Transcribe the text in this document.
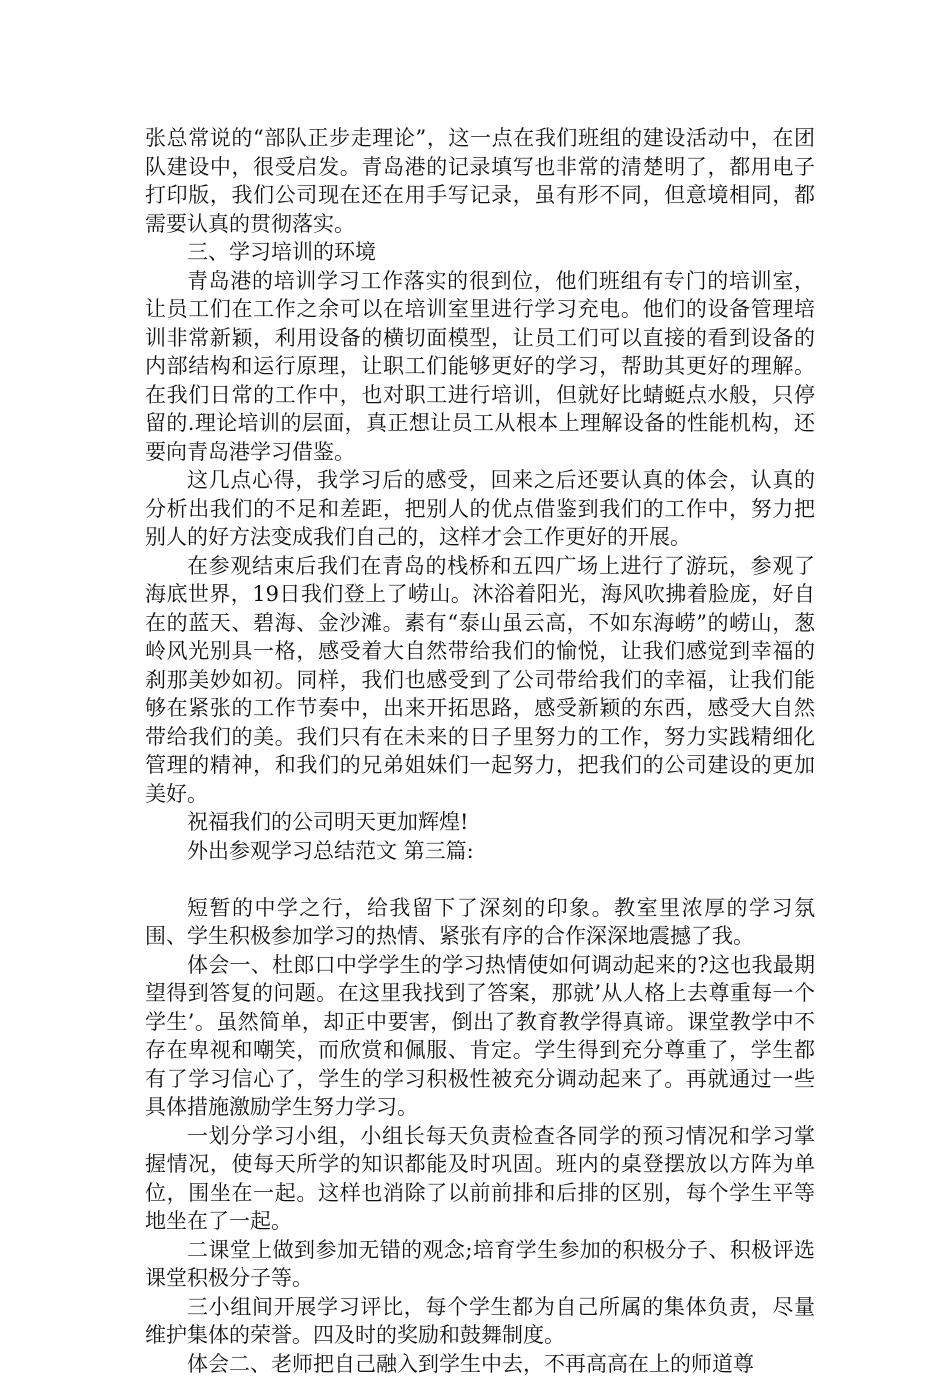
张总常说的“部队正步走理论”，这一点在我们班组的建设活动中，在团队建设中，很受启发。青岛港的记录填写也非常的清楚明了，都用电子打印版，我们公司现在还在用手写记录，虽有形不同，但意境相同，都需要认真的贯彻落实。

三、学习培训的环境

青岛港的培训学习工作落实的很到位，他们班组有专门的培训室，让员工们在工作之余可以在培训室里进行学习充电。他们的设备管理培训非常新颖，利用设备的横切面模型，让员工们可以直接的看到设备的内部结构和运行原理，让职工们能够更好的学习，帮助其更好的理解。在我们日常的工作中，也对职工进行培训，但就好比蜻蜓点水般，只停留的.理论培训的层面，真正想让员工从根本上理解设备的性能机构，还要向青岛港学习借鉴。

这几点心得，我学习后的感受，回来之后还要认真的体会，认真的分析出我们的不足和差距，把别人的优点借鉴到我们的工作中，努力把别人的好方法变成我们自己的，这样才会工作更好的开展。

在参观结束后我们在青岛的栈桥和五四广场上进行了游玩，参观了海底世界，19日我们登上了崂山。沐浴着阳光，海风吹拂着脸庞，好自在的蓝天、碧海、金沙滩。素有“泰山虽云高，不如东海崂”的崂山，葱岭风光别具一格，感受着大自然带给我们的愉悦，让我们感觉到幸福的刹那美妙如初。同样，我们也感受到了公司带给我们的幸福，让我们能够在紧张的工作节奏中，出来开拓思路，感受新颖的东西，感受大自然带给我们的美。我们只有在未来的日子里努力的工作，努力实践精细化管理的精神，和我们的兄弟姐妹们一起努力，把我们的公司建设的更加美好。

祝福我们的公司明天更加辉煌!

外出参观学习总结范文 第三篇:

短暂的中学之行，给我留下了深刻的印象。教室里浓厚的学习氛围、学生积极参加学习的热情、紧张有序的合作深深地震撼了我。

体会一、杜郎口中学学生的学习热情使如何调动起来的?这也我最期望得到答复的问题。在这里我找到了答案，那就’从人格上去尊重每一个学生’。虽然简单，却正中要害，倒出了教育教学得真谛。课堂教学中不存在卑视和嘲笑，而欣赏和佩服、肯定。学生得到充分尊重了，学生都有了学习信心了，学生的学习积极性被充分调动起来了。再就通过一些具体措施激励学生努力学习。

一划分学习小组，小组长每天负责检查各同学的预习情况和学习掌握情况，使每天所学的知识都能及时巩固。班内的桌登摆放以方阵为单位，围坐在一起。这样也消除了以前前排和后排的区别，每个学生平等地坐在了一起。

二课堂上做到参加无错的观念;培育学生参加的积极分子、积极评选课堂积极分子等。

三小组间开展学习评比，每个学生都为自己所属的集体负责，尽量维护集体的荣誉。四及时的奖励和鼓舞制度。

体会二、老师把自己融入到学生中去，不再高高在上的师道尊
